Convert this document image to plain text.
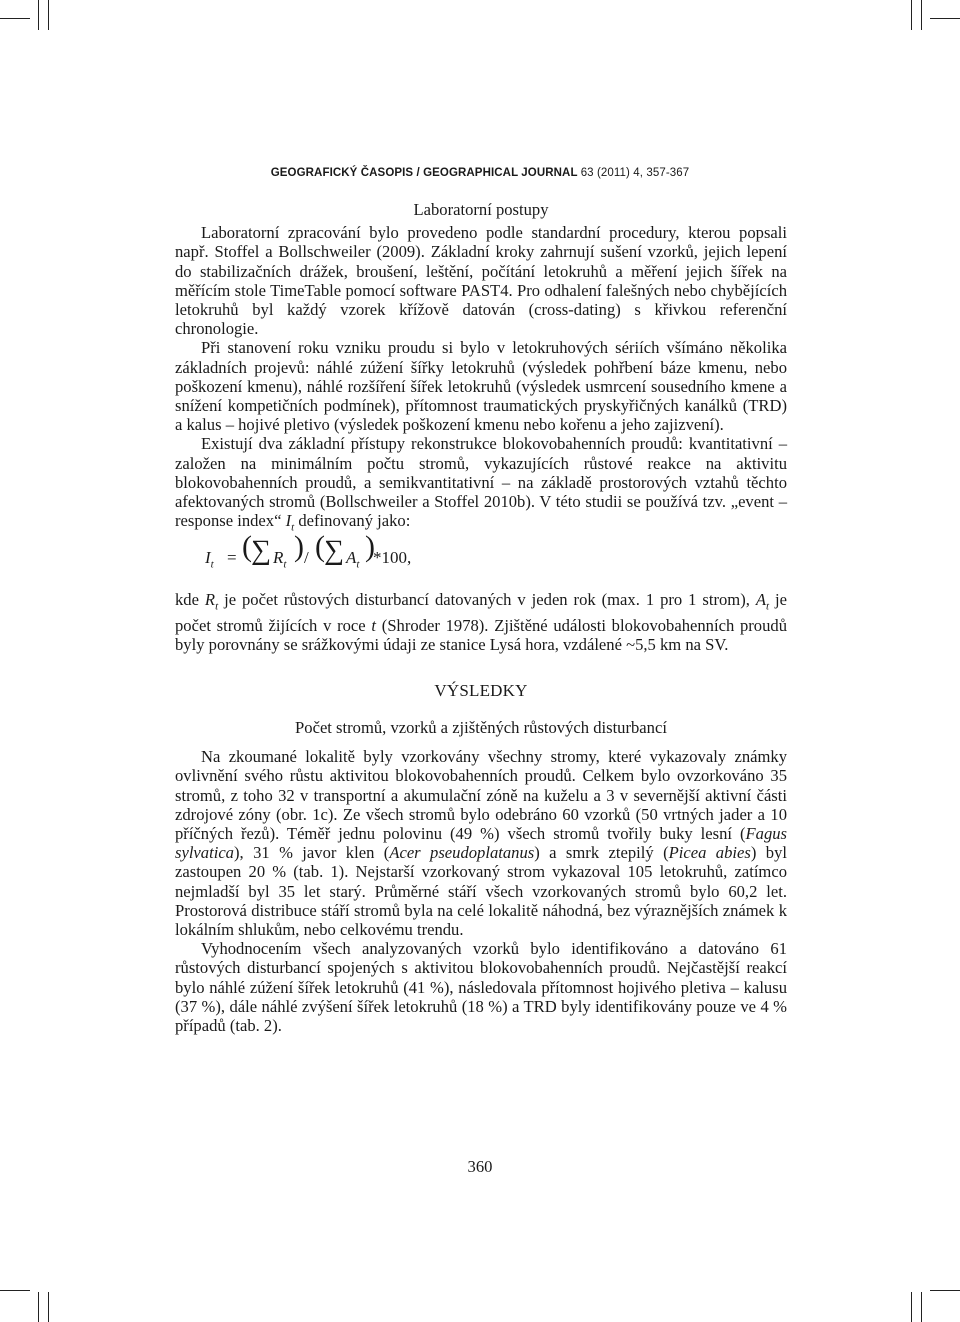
GEOGRAFICKÝ ČASOPIS / GEOGRAPHICAL JOURNAL 63 (2011) 4, 357-367
Laboratorní postupy

Laboratorní zpracování bylo provedeno podle standardní procedury, kterou popsali např. Stoffel a Bollschweiler (2009). Základní kroky zahrnují sušení vzorků, jejich lepení do stabilizačních drážek, broušení, leštění, počítání letokruhů a měření jejich šířek na měřícím stole TimeTable pomocí software PAST4. Pro odhalení falešných nebo chybějících letokruhů byl každý vzorek křížově datován (cross-dating) s křivkou referenční chronologie.

Při stanovení roku vzniku proudu si bylo v letokruhových sériích všímáno několika základních projevů: náhlé zúžení šířky letokruhů (výsledek pohřbení báze kmenu, nebo poškození kmenu), náhlé rozšíření šířek letokruhů (výsledek usmrcení sousedního kmene a snížení kompetičních podmínek), přítomnost traumatických pryskyřičných kanálků (TRD) a kalus – hojivé pletivo (výsledek poškození kmenu nebo kořenu a jeho zajizvení).

Existují dva základní přístupy rekonstrukce blokovobahenních proudů: kvantitativní – založen na minimálním počtu stromů, vykazujících růstové reakce na aktivitu blokovobahenních proudů, a semikvantitativní – na základě prostorových vztahů těchto afektovaných stromů (Bollschweiler a Stoffel 2010b). V této studii se používá tzv. „event – response index“ $I_t$ definovaný jako:

$I_t$ = ( ∑ $R_t$
) / ( ∑ $A_t$
)
*100,

kde $R_t$ je počet růstových disturbancí datovaných v jeden rok (max. 1 pro 1 strom), $A_t$ je počet stromů žijících v roce t (Shroder 1978). Zjištěné události blokovobahenních proudů byly porovnány se srážkovými údaji ze stanice Lysá hora, vzdálené ~5,5 km na SV.

VÝSLEDKY
Počet stromů, vzorků a zjištěných růstových disturbancí

Na zkoumané lokalitě byly vzorkovány všechny stromy, které vykazovaly známky ovlivnění svého růstu aktivitou blokovobahenních proudů. Celkem bylo ovzorkováno 35 stromů, z toho 32 v transportní a akumulační zóně na kuželu a 3 v severnější aktivní části zdrojové zóny (obr. 1c). Ze všech stromů bylo odebráno 60 vzorků (50 vrtných jader a 10 příčných řezů). Téměř jednu polovinu (49 %) všech stromů tvořily buky lesní (Fagus sylvatica), 31 % javor klen (Acer pseudoplatanus) a smrk ztepilý (Picea abies) byl zastoupen 20 % (tab. 1). Nejstarší vzorkovaný strom vykazoval 105 letokruhů, zatímco nejmladší byl 35 let starý. Průměrné stáří všech vzorkovaných stromů bylo 60,2 let. Prostorová distribuce stáří stromů byla na celé lokalitě náhodná, bez výraznějších známek k lokálním shlukům, nebo celkovému trendu.

Vyhodnocením všech analyzovaných vzorků bylo identifikováno a datováno 61 růstových disturbancí spojených s aktivitou blokovobahenních proudů. Nejčastější reakcí bylo náhlé zúžení šířek letokruhů (41 %), následovala přítomnost hojivého pletiva – kalusu (37 %), dále náhlé zvýšení šířek letokruhů (18 %) a TRD byly identifikovány pouze ve 4 % případů (tab. 2).

360
